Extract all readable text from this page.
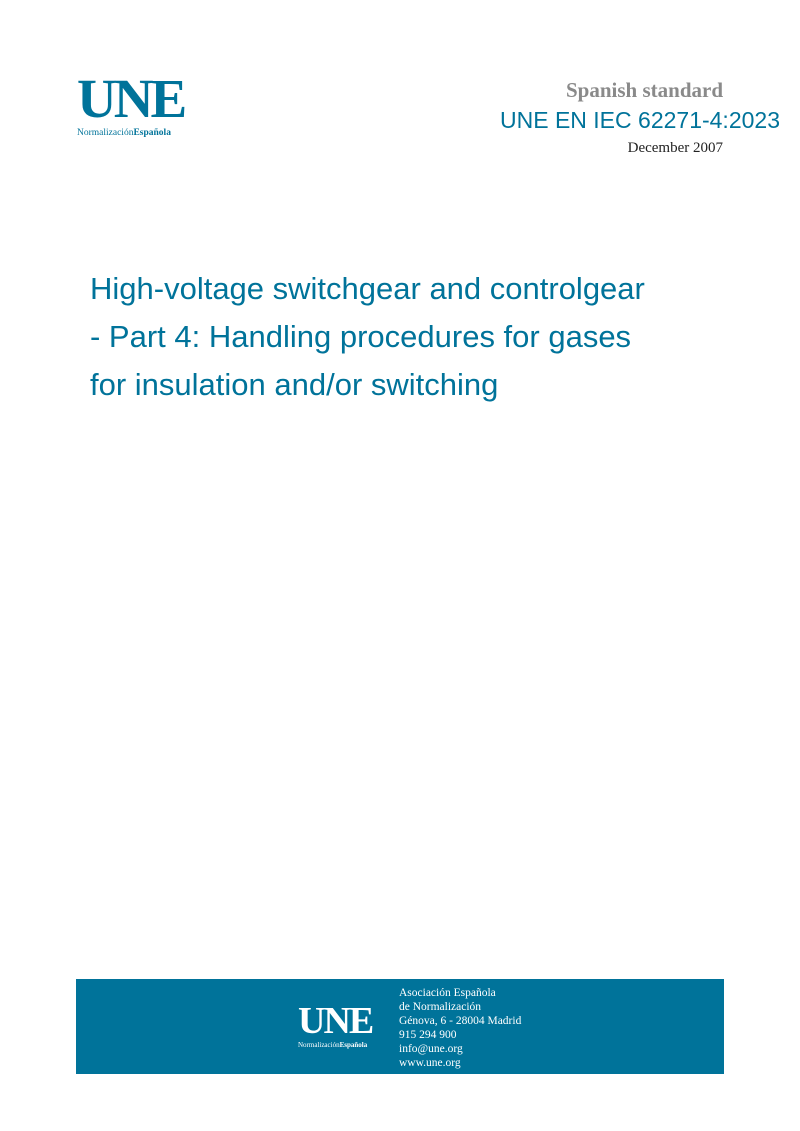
UNE
NormalizaciónEspañola
Spanish standard
UNE EN IEC 62271-4:2023
December 2007
High-voltage switchgear and controlgear
- Part 4: Handling procedures for gases
for insulation and/or switching
UNE
NormalizaciónEspañola
Asociación Española
de Normalización
Génova, 6 - 28004 Madrid
915 294 900
info@une.org
www.une.org
